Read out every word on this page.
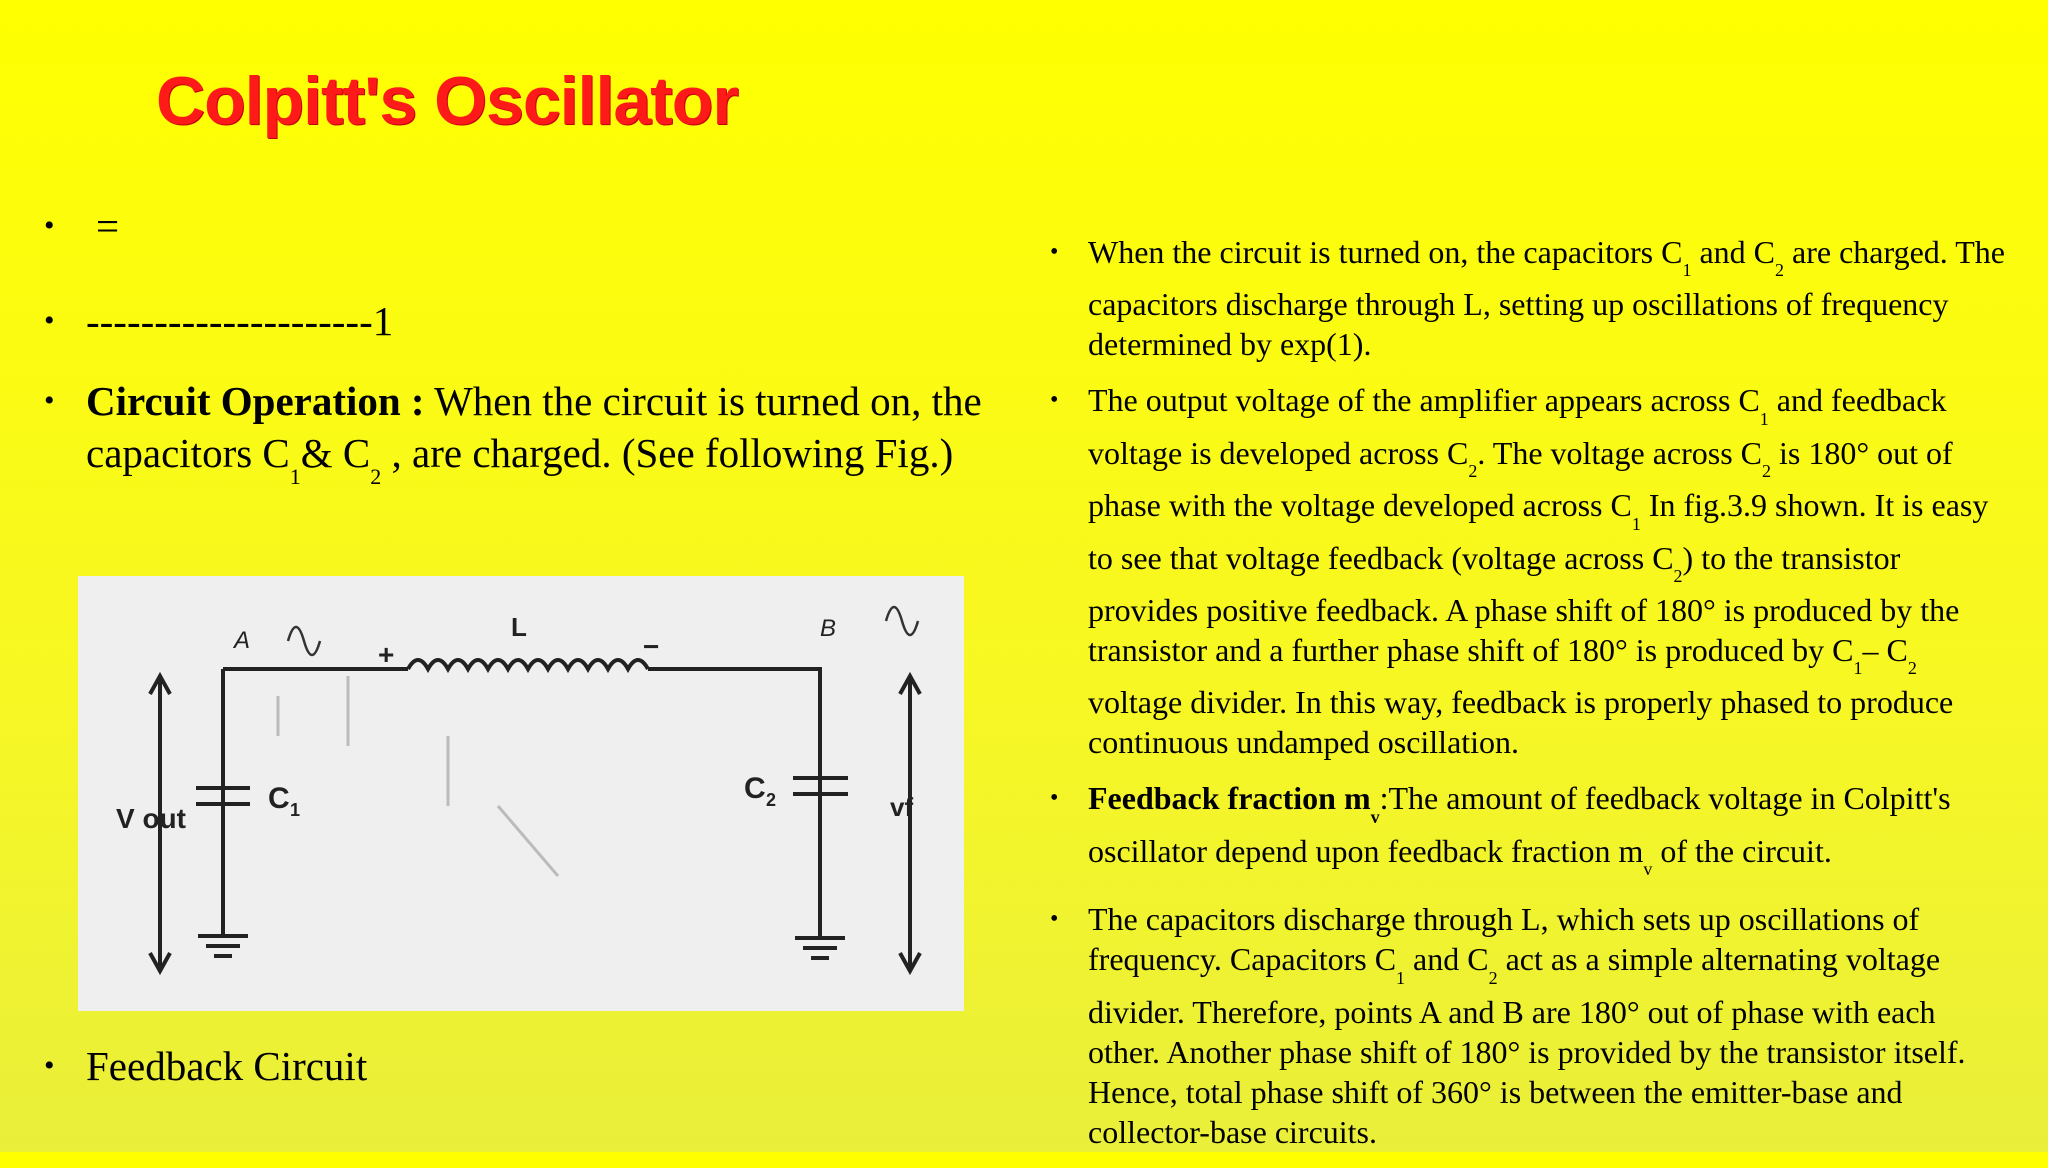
Colpitt's Oscillator
• =
• ---------------------1
• Circuit Operation : When the circuit is turned on, the capacitors $C_1\&$ $C_2$ , are charged. (See following Fig.)
• Feedback Circuit
A	B
L
+	−
V out
C 1
C 2	vf
• When the circuit is turned on, the capacitors $C_1$ and $C_2$ are charged. The capacitors discharge through L, setting up oscillations of frequency determined by exp(1).
• The output voltage of the amplifier appears across $C_1$ and feedback voltage is developed across $C_2$. The voltage across $C_2$ is 180° out of phase with the voltage developed across $C_1$ In fig.3.9 shown. It is easy to see that voltage feedback (voltage across $C_2$) to the transistor provides positive feedback. A phase shift of 180° is produced by the transistor and a further phase shift of 180° is produced by $C_1-$ $C_2$ voltage divider. In this way, feedback is properly phased to produce continuous undamped oscillation.
• Feedback fraction $m_v:The$ amount of feedback voltage in Colpitt's oscillator depend upon feedback fraction $m_v$ of the circuit.
• The capacitors discharge through L, which sets up oscillations of frequency. Capacitors $C_1$ and $C_2$ act as a simple alternating voltage divider. Therefore, points A and B are 180° out of phase with each other. Another phase shift of 180° is provided by the transistor itself. Hence, total phase shift of 360° is between the emitter-base and collector-base circuits.
